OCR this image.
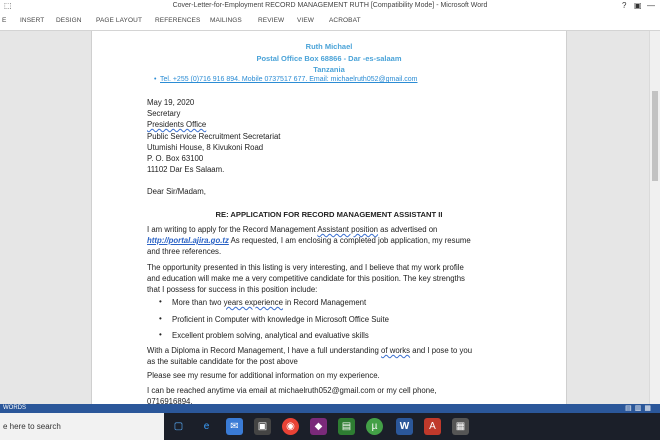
⬚	Cover-Letter-for-Employment RECORD MANAGEMENT RUTH [Compatibility Mode] - Microsoft Word	? ▣ —
E INSERT DESIGN PAGE LAYOUT REFERENCES MAILINGS REVIEW VIEW ACROBAT
Ruth Michael
Postal Office Box 68866 - Dar -es-salaam
Tanzania
• Tel. +255 (0)716 916 894. Mobile 0737517 677. Email: michaelruth052@gmail.com
May 19, 2020
Secretary
Presidents Office
Public Service Recruitment Secretariat
Utumishi House, 8 Kivukoni Road
P. O. Box 63100
11102 Dar Es Salaam.
Dear Sir/Madam,
RE: APPLICATION FOR RECORD MANAGEMENT ASSISTANT II
I am writing to apply for the Record Management Assistant position as advertised on
http://portal.ajira.go.tz As requested, I am enclosing a completed job application, my resume
and three references.
The opportunity presented in this listing is very interesting, and I believe that my work profile
and education will make me a very competitive candidate for this position. The key strengths
that I possess for success in this position include:
• More than two years experience in Record Management
• Proficient in Computer with knowledge in Microsoft Office Suite
• Excellent problem solving, analytical and evaluative skills
With a Diploma in Record Management, I have a full understanding of works and I pose to you
as the suitable candidate for the post above
Please see my resume for additional information on my experience.
I can be reached anytime via email at michaelruth052@gmail.com or my cell phone,
0716916894.
WORDS	▤▥▦
e here to search	▢	e	✉	▣	◉	◆	▤	µ	W	A	▦
